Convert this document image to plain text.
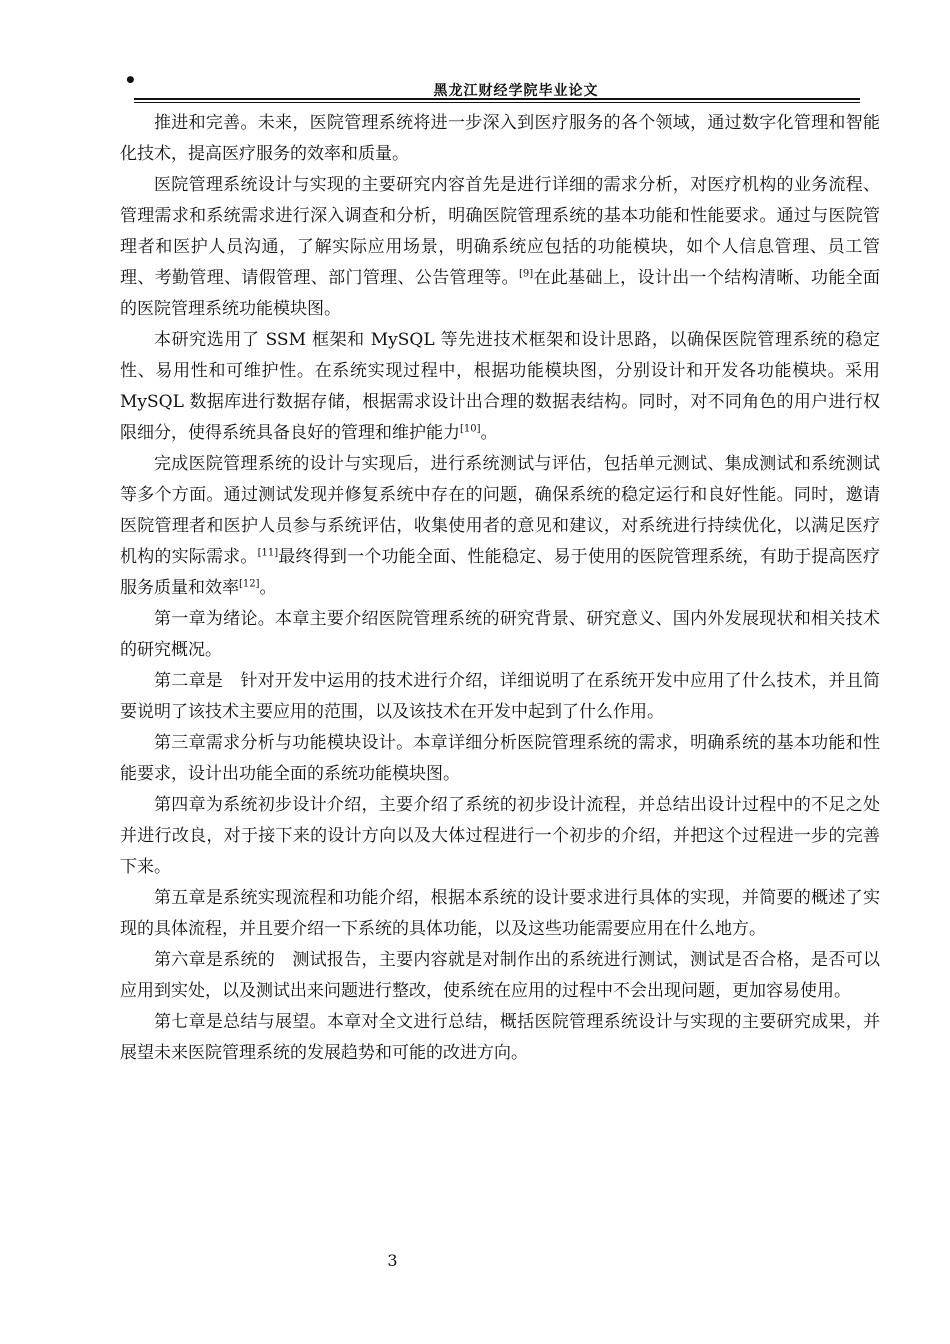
•	黑龙江财经学院毕业论文

推进和完善。未来，医院管理系统将进一步深入到医疗服务的各个领域，通过数字化管理和智能化技术，提高医疗服务的效率和质量。

医院管理系统设计与实现的主要研究内容首先是进行详细的需求分析，对医疗机构的业务流程、管理需求和系统需求进行深入调查和分析，明确医院管理系统的基本功能和性能要求。通过与医院管理者和医护人员沟通，了解实际应用场景，明确系统应包括的功能模块，如个人信息管理、员工管理、考勤管理、请假管理、部门管理、公告管理等。[9]在此基础上，设计出一个结构清晰、功能全面的医院管理系统功能模块图。

本研究选用了 SSM 框架和 MySQL 等先进技术框架和设计思路，以确保医院管理系统的稳定性、易用性和可维护性。在系统实现过程中，根据功能模块图，分别设计和开发各功能模块。采用 MySQL 数据库进行数据存储，根据需求设计出合理的数据表结构。同时，对不同角色的用户进行权限细分，使得系统具备良好的管理和维护能力[10]。

完成医院管理系统的设计与实现后，进行系统测试与评估，包括单元测试、集成测试和系统测试等多个方面。通过测试发现并修复系统中存在的问题，确保系统的稳定运行和良好性能。同时，邀请医院管理者和医护人员参与系统评估，收集使用者的意见和建议，对系统进行持续优化，以满足医疗机构的实际需求。[11]最终得到一个功能全面、性能稳定、易于使用的医院管理系统，有助于提高医疗服务质量和效率[12]。

第一章为绪论。本章主要介绍医院管理系统的研究背景、研究意义、国内外发展现状和相关技术的研究概况。

第二章是　针对开发中运用的技术进行介绍，详细说明了在系统开发中应用了什么技术，并且简要说明了该技术主要应用的范围，以及该技术在开发中起到了什么作用。

第三章需求分析与功能模块设计。本章详细分析医院管理系统的需求，明确系统的基本功能和性能要求，设计出功能全面的系统功能模块图。

第四章为系统初步设计介绍，主要介绍了系统的初步设计流程，并总结出设计过程中的不足之处并进行改良，对于接下来的设计方向以及大体过程进行一个初步的介绍，并把这个过程进一步的完善下来。

第五章是系统实现流程和功能介绍，根据本系统的设计要求进行具体的实现，并简要的概述了实现的具体流程，并且要介绍一下系统的具体功能，以及这些功能需要应用在什么地方。

第六章是系统的　测试报告，主要内容就是对制作出的系统进行测试，测试是否合格，是否可以应用到实处，以及测试出来问题进行整改，使系统在应用的过程中不会出现问题，更加容易使用。

第七章是总结与展望。本章对全文进行总结，概括医院管理系统设计与实现的主要研究成果，并展望未来医院管理系统的发展趋势和可能的改进方向。

3
